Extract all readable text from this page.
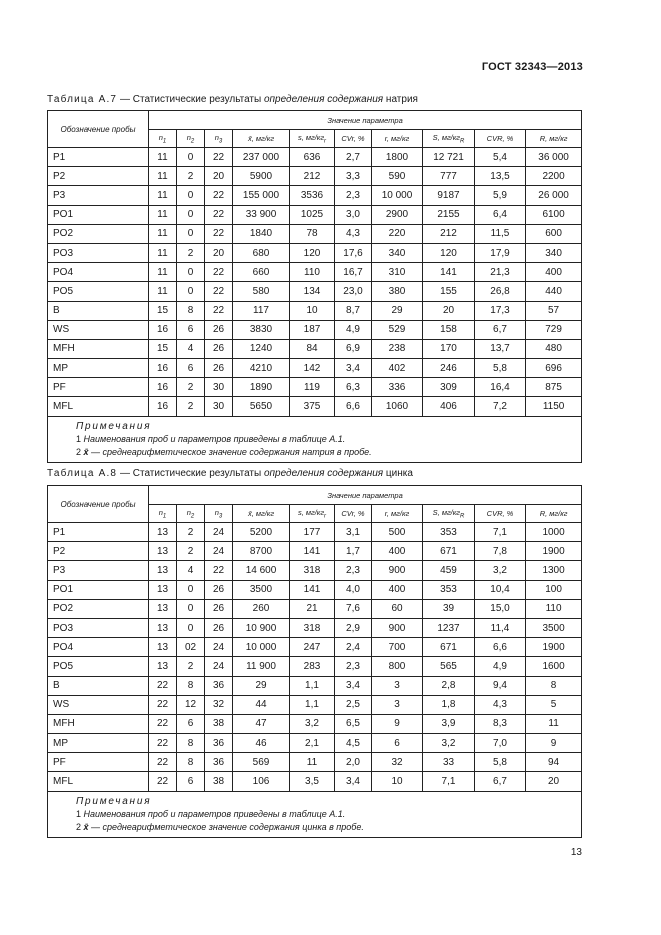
ГОСТ 32343—2013
Таблица А.7 — Статистические результаты определения содержания натрия
Обозначение пробы	Значение параметра									
	$n_1$	$n_2$	$n_3$	x̄, мг/кг	s, $мг/кг_r$	CVr, %	r, мг/кг	S, $мг/кг_R$	CVR, %	R, мг/кг
P1	11	0	22	237 000	636	2,7	1800	12 721	5,4	36 000
P2	11	2	20	5900	212	3,3	590	777	13,5	2200
P3	11	0	22	155 000	3536	2,3	10 000	9187	5,9	26 000
PO1	11	0	22	33 900	1025	3,0	2900	2155	6,4	6100
PO2	11	0	22	1840	78	4,3	220	212	11,5	600
PO3	11	2	20	680	120	17,6	340	120	17,9	340
PO4	11	0	22	660	110	16,7	310	141	21,3	400
PO5	11	0	22	580	134	23,0	380	155	26,8	440
B	15	8	22	117	10	8,7	29	20	17,3	57
WS	16	6	26	3830	187	4,9	529	158	6,7	729
MFH	15	4	26	1240	84	6,9	238	170	13,7	480
MP	16	6	26	4210	142	3,4	402	246	5,8	696
PF	16	2	30	1890	119	6,3	336	309	16,4	875
MFL	16	2	30	5650	375	6,6	1060	406	7,2	1150

Примечания
1 Наименования проб и параметров приведены в таблице А.1.
2 x̄ — среднеарифметическое значение содержания натрия в пробе.										
Таблица А.8 — Статистические результаты определения содержания цинка
Обозначение пробы	Значение параметра									
	$n_1$	$n_2$	$n_3$	x̄, мг/кг	s, $мг/кг_r$	CVr, %	r, мг/кг	S, $мг/кг_R$	CVR, %	R, мг/кг
P1	13	2	24	5200	177	3,1	500	353	7,1	1000
P2	13	2	24	8700	141	1,7	400	671	7,8	1900
P3	13	4	22	14 600	318	2,3	900	459	3,2	1300
PO1	13	0	26	3500	141	4,0	400	353	10,4	100
PO2	13	0	26	260	21	7,6	60	39	15,0	110
PO3	13	0	26	10 900	318	2,9	900	1237	11,4	3500
PO4	13	02	24	10 000	247	2,4	700	671	6,6	1900
PO5	13	2	24	11 900	283	2,3	800	565	4,9	1600
B	22	8	36	29	1,1	3,4	3	2,8	9,4	8
WS	22	12	32	44	1,1	2,5	3	1,8	4,3	5
MFH	22	6	38	47	3,2	6,5	9	3,9	8,3	11
MP	22	8	36	46	2,1	4,5	6	3,2	7,0	9
PF	22	8	36	569	11	2,0	32	33	5,8	94
MFL	22	6	38	106	3,5	3,4	10	7,1	6,7	20

Примечания
1 Наименования проб и параметров приведены в таблице А.1.
2 x̄ — среднеарифметическое значение содержания цинка в пробе.										
13
